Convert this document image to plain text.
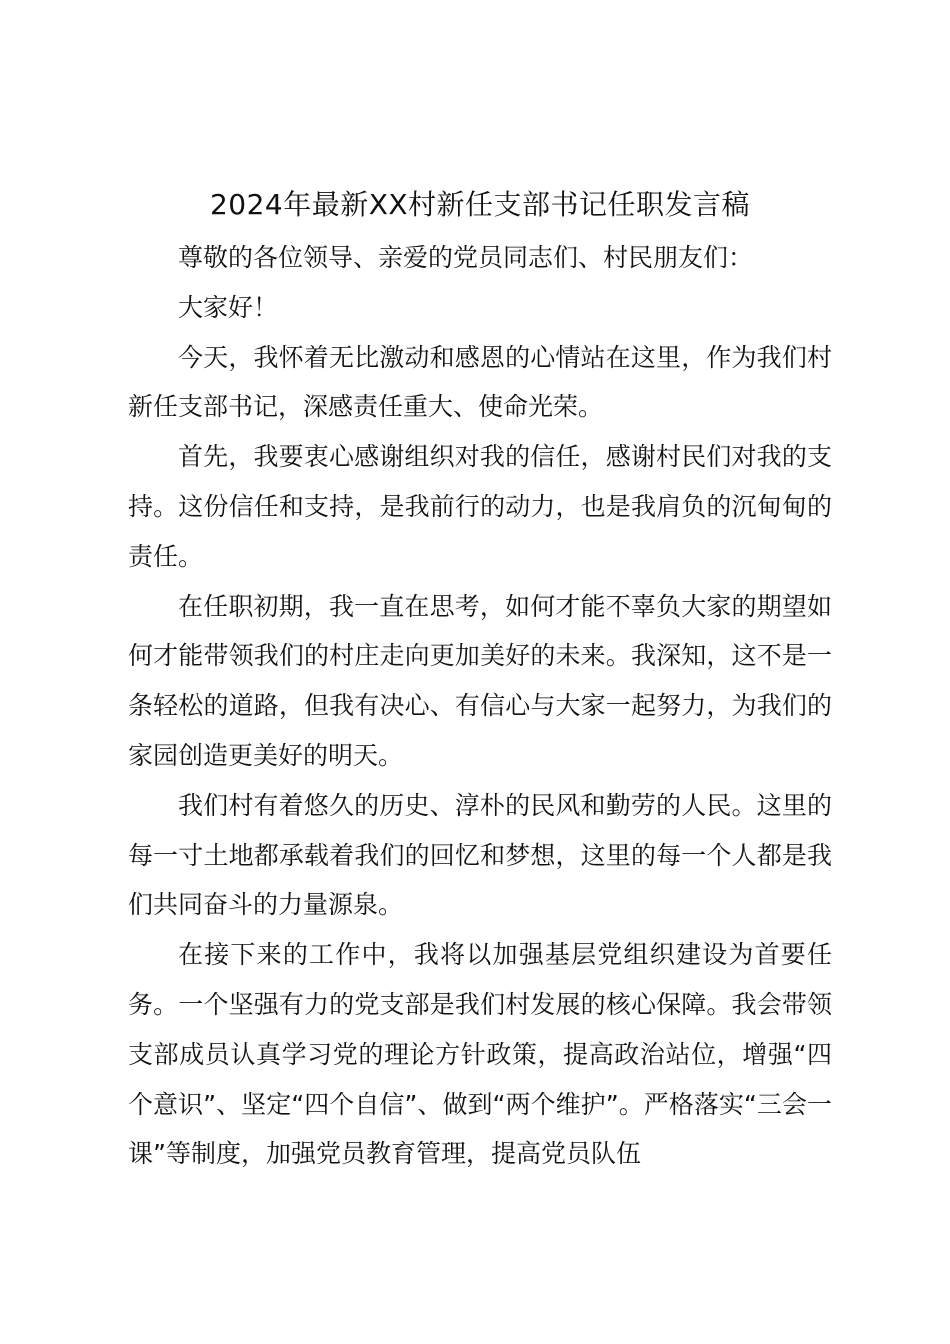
2024年最新XX村新任支部书记任职发言稿

尊敬的各位领导、亲爱的党员同志们、村民朋友们：

大家好！

今天，我怀着无比激动和感恩的心情站在这里，作为我们村新任支部书记，深感责任重大、使命光荣。

首先，我要衷心感谢组织对我的信任，感谢村民们对我的支持。这份信任和支持，是我前行的动力，也是我肩负的沉甸甸的责任。

在任职初期，我一直在思考，如何才能不辜负大家的期望如何才能带领我们的村庄走向更加美好的未来。我深知，这不是一条轻松的道路，但我有决心、有信心与大家一起努力，为我们的家园创造更美好的明天。

我们村有着悠久的历史、淳朴的民风和勤劳的人民。这里的每一寸土地都承载着我们的回忆和梦想，这里的每一个人都是我们共同奋斗的力量源泉。

在接下来的工作中，我将以加强基层党组织建设为首要任务。一个坚强有力的党支部是我们村发展的核心保障。我会带领支部成员认真学习党的理论方针政策，提高政治站位，增强“四个意识”、坚定“四个自信”、做到“两个维护”。严格落实“三会一课”等制度，加强党员教育管理，提高党员队伍
